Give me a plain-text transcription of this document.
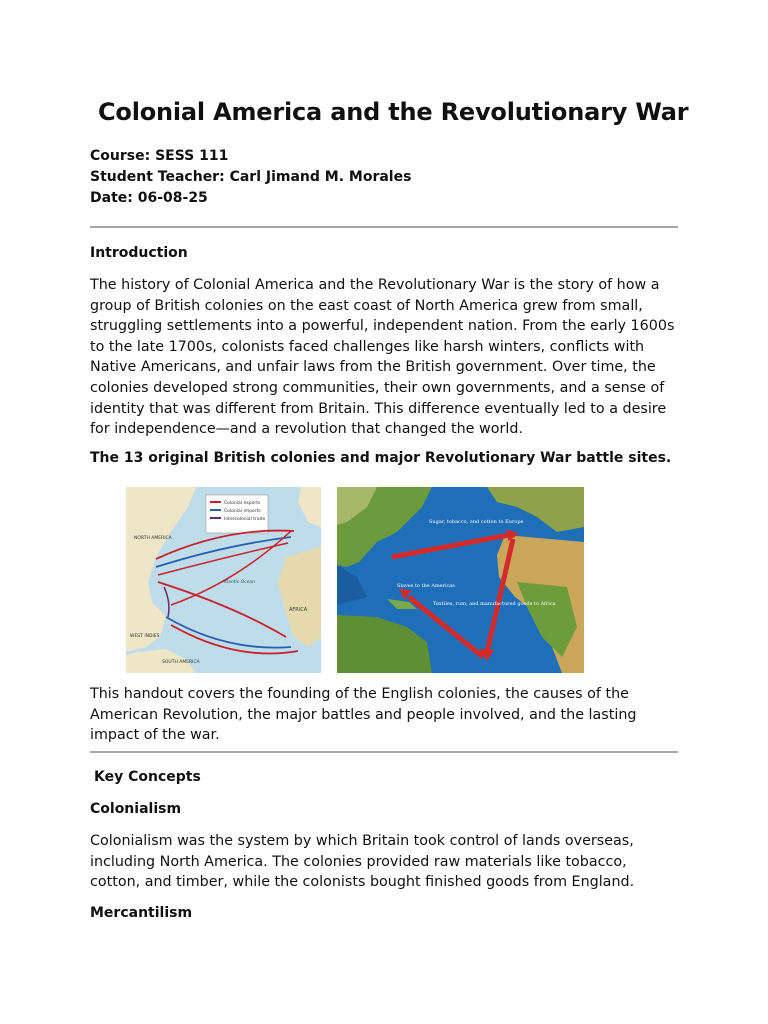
Colonial America and the Revolutionary War
Course: SESS 111
Student Teacher: Carl Jimand M. Morales
Date: 06-08-25
Introduction

The history of Colonial America and the Revolutionary War is the story of how a group of British colonies on the east coast of North America grew from small, struggling settlements into a powerful, independent nation. From the early 1600s to the late 1700s, colonists faced challenges like harsh winters, conflicts with Native Americans, and unfair laws from the British government. Over time, the colonies developed strong communities, their own governments, and a sense of identity that was different from Britain. This difference eventually led to a desire for independence—and a revolution that changed the world.

The 13 original British colonies and major Revolutionary War battle sites.
Colonial exports
Colonial imports
Intercolonial trade
NORTH AMERICA
Atlantic Ocean
AFRICA
WEST INDIES
SOUTH AMERICA
Sugar, tobacco, and cotton to Europe
Slaves to the Americas
Textiles, rum, and manufactured goods to Africa

This handout covers the founding of the English colonies, the causes of the American Revolution, the major battles and people involved, and the lasting impact of the war.

Key Concepts
Colonialism

Colonialism was the system by which Britain took control of lands overseas, including North America. The colonies provided raw materials like tobacco, cotton, and timber, while the colonists bought finished goods from England.

Mercantilism
